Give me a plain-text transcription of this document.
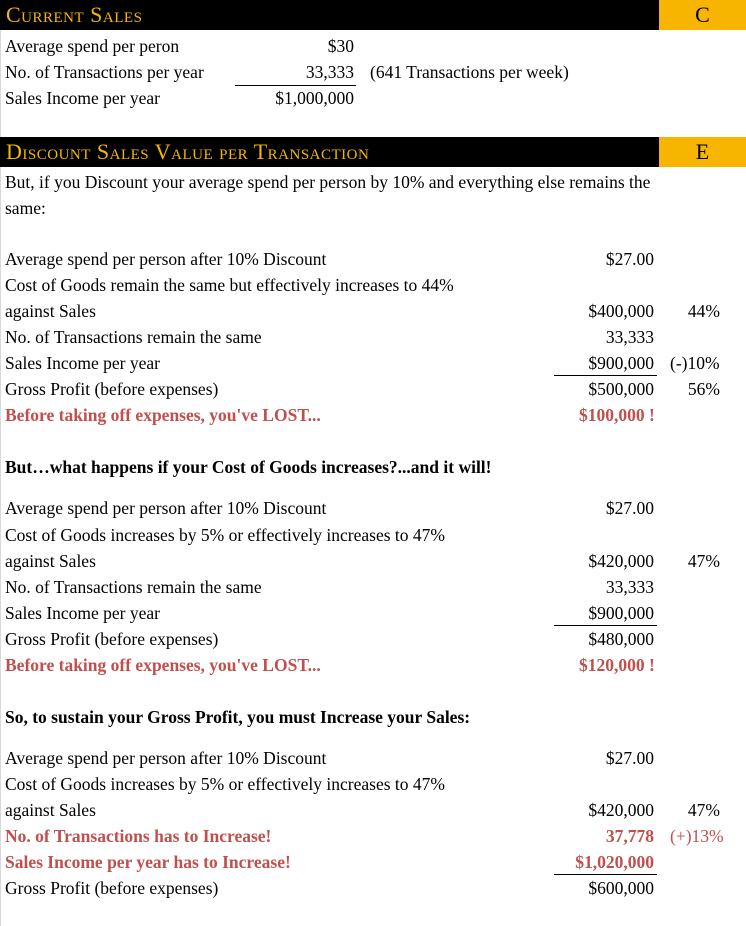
Current Sales	C
Average spend per peron	$30
No. of Transactions per year	33,333 (641 Transactions per week)
Sales Income per year	$1,000,000
Discount Sales Value per Transaction	E
But, if you Discount your average spend per person by 10% and everything else remains the
same:
Average spend per person after 10% Discount	$27.00
Cost of Goods remain the same but effectively increases to 44%
against Sales	$400,000	44%
No. of Transactions remain the same	33,333
Sales Income per year	$900,000 (-)10%
Gross Profit (before expenses)	$500,000	56%
Before taking off expenses, you've LOST...	$100,000 !
But…what happens if your Cost of Goods increases?...and it will!
Average spend per person after 10% Discount	$27.00
Cost of Goods increases by 5% or effectively increases to 47%
against Sales	$420,000	47%
No. of Transactions remain the same	33,333
Sales Income per year	$900,000
Gross Profit (before expenses)	$480,000
Before taking off expenses, you've LOST...	$120,000 !
So, to sustain your Gross Profit, you must Increase your Sales:
Average spend per person after 10% Discount	$27.00
Cost of Goods increases by 5% or effectively increases to 47%
against Sales	$420,000	47%
No. of Transactions has to Increase!	37,778 (+)13%
Sales Income per year has to Increase!	$1,020,000
Gross Profit (before expenses)	$600,000
